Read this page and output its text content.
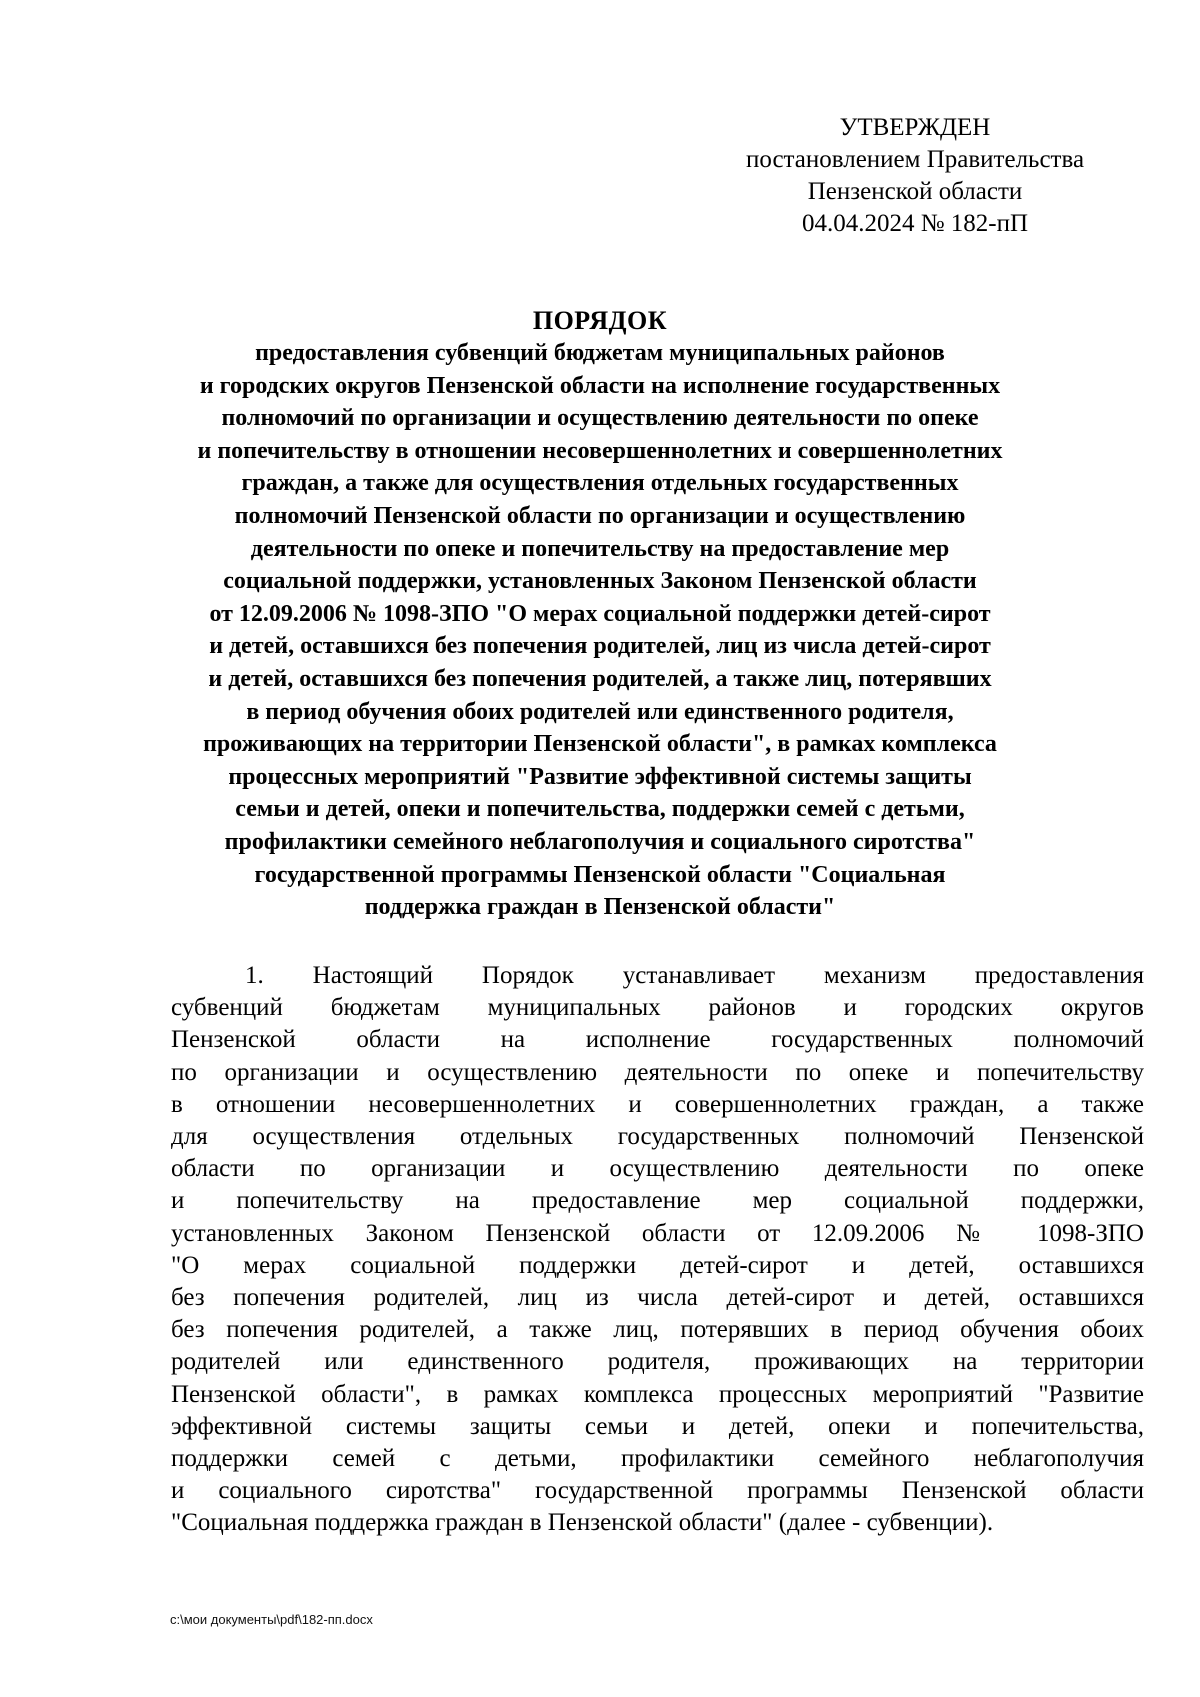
УТВЕРЖДЕН
постановлением Правительства
Пензенской области
04.04.2024 № 182-пП
ПОРЯДОК
предоставления субвенций бюджетам муниципальных районов
и городских округов Пензенской области на исполнение государственных
полномочий по организации и осуществлению деятельности по опеке
и попечительству в отношении несовершеннолетних и совершеннолетних
граждан, а также для осуществления отдельных государственных
полномочий Пензенской области по организации и осуществлению
деятельности по опеке и попечительству на предоставление мер
социальной поддержки, установленных Законом Пензенской области
от 12.09.2006 № 1098-ЗПО "О мерах социальной поддержки детей-сирот
и детей, оставшихся без попечения родителей, лиц из числа детей-сирот
и детей, оставшихся без попечения родителей, а также лиц, потерявших
в период обучения обоих родителей или единственного родителя,
проживающих на территории Пензенской области", в рамках комплекса
процессных мероприятий "Развитие эффективной системы защиты
семьи и детей, опеки и попечительства, поддержки семей с детьми,
профилактики семейного неблагополучия и социального сиротства"
государственной программы Пензенской области "Социальная
поддержка граждан в Пензенской области"
1. Настоящий Порядок устанавливает механизм предоставления
субвенций бюджетам муниципальных районов и городских округов
Пензенской области на исполнение государственных полномочий
по организации и осуществлению деятельности по опеке и попечительству
в отношении несовершеннолетних и совершеннолетних граждан, а также
для осуществления отдельных государственных полномочий Пензенской
области по организации и осуществлению деятельности по опеке
и попечительству на предоставление мер социальной поддержки,
установленных Законом Пензенской области от 12.09.2006 № 1098-ЗПО
"О мерах социальной поддержки детей-сирот и детей, оставшихся
без попечения родителей, лиц из числа детей-сирот и детей, оставшихся
без попечения родителей, а также лиц, потерявших в период обучения обоих
родителей или единственного родителя, проживающих на территории
Пензенской области", в рамках комплекса процессных мероприятий "Развитие
эффективной системы защиты семьи и детей, опеки и попечительства,
поддержки семей с детьми, профилактики семейного неблагополучия
и социального сиротства" государственной программы Пензенской области
"Социальная поддержка граждан в Пензенской области" (далее - субвенции).
c:\мои документы\pdf\182-пп.docx
